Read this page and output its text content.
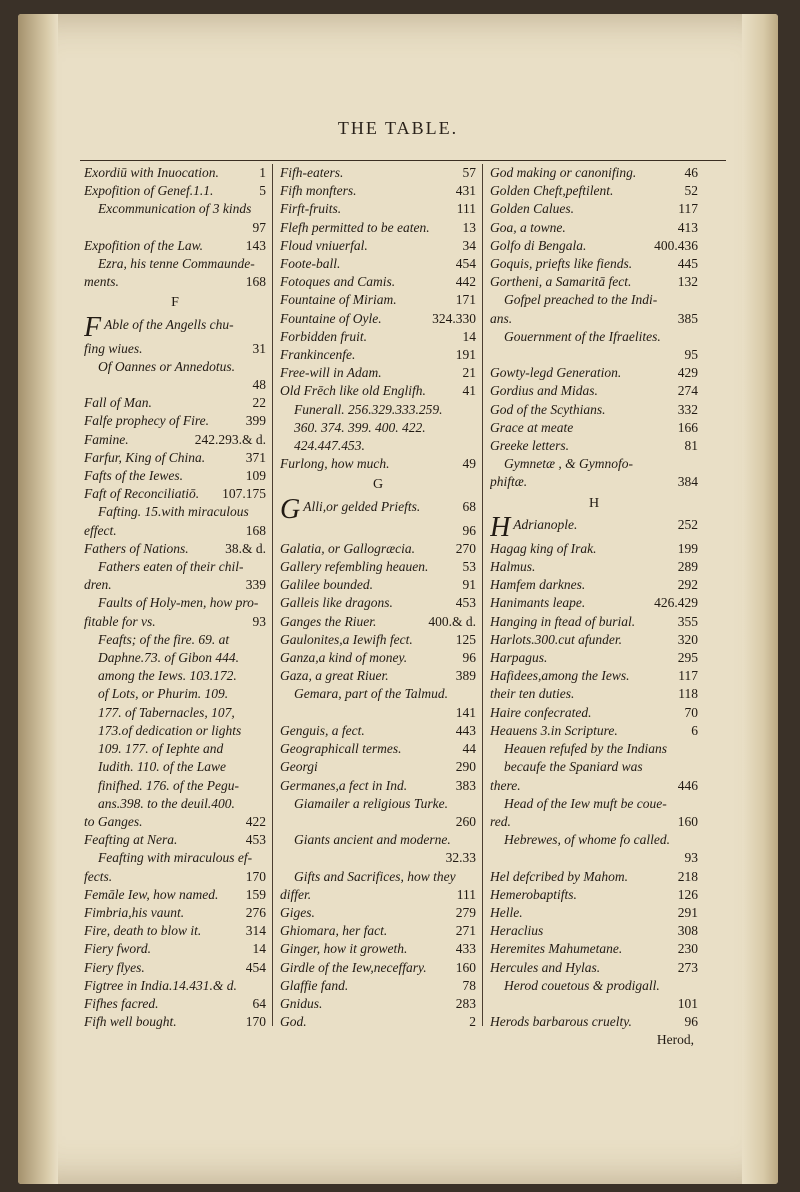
THE TABLE.
Exordiū with Inuocation.	1
Expofition of Genef.1.1.	5
Excommunication of 3 kinds
97
Expofition of the Law.	143
Ezra, his tenne Commaunde-
ments.	168
F
F Able of the Angells chu-
fing wiues.	31
Of Oannes or Annedotus.
48
Fall of Man.	22
Falfe prophecy of Fire.	399
Famine.	242.293.& d.
Farfur, King of China.	371
Fafts of the Iewes.	109
Faft of Reconciliatiō. 107.175
Fafting. 15.with miraculous
effect.	168
Fathers of Nations.	38.& d.
Fathers eaten of their chil-
dren.	339
Faults of Holy-men, how pro-
fitable for vs.	93
Feafts; of the fire. 69. at
Daphne.73. of Gibon 444.
among the Iews. 103.172.
of Lots, or Phurim. 109.
177. of Tabernacles, 107,
173.of dedication or lights
109. 177. of Iephte and
Iudith. 110. of the Lawe
finifhed. 176. of the Pegu-
ans.398. to the deuil.400.
to Ganges.	422
Feafting at Nera.	453
Feafting with miraculous ef-
fects.	170
Femāle Iew, how named. 159
Fimbria,his vaunt.	276
Fire, death to blow it.	314
Fiery fword.	14
Fiery flyes.	454
Figtree in India.14.431.& d.
Fifhes facred.	64
Fifh well bought.	170
Fifh-eaters.	57
Fifh monfters.	431
Firft-fruits.	111
Flefh permitted to be eaten. 13
Floud vniuerfal.	34
Foote-ball.	454
Fotoques and Camis.	442
Fountaine of Miriam.	171
Fountaine of Oyle.	324.330
Forbidden fruit.	14
Frankincenfe.	191
Free-will in Adam.	21
Old Frēch like old Englifh.	41
Funerall. 256.329.333.259.
360. 374. 399. 400. 422.
424.447.453.
Furlong, how much.	49
G
G Alli,or gelded Priefts.	68
96
Galatia, or Gallogræcia.	270
Gallery refembling heauen.	53
Galilee bounded.	91
Galleis like dragons.	453
Ganges the Riuer.	400.& d.
Gaulonites,a Iewifh fect.	125
Ganza,a kind of money.	96
Gaza, a great Riuer.	389
Gemara, part of the Talmud.
141
Genguis, a fect.	443
Geographicall termes.	44
Georgi	290
Germanes,a fect in Ind.	383
Giamailer a religious Turke.
260
Giants ancient and moderne.
32.33
Gifts and Sacrifices, how they
differ.	111
Giges.	279
Ghiomara, her fact.	271
Ginger, how it groweth.	433
Girdle of the Iew,neceffary. 160
Glaffie fand.	78
Gnidus.	283
God.	2
God making or canonifing.	46
Golden Cheft,peftilent.	52
Golden Calues.	117
Goa, a towne.	413
Golfo di Bengala.	400.436
Goquis, priefts like fiends.	445
Gortheni, a Samaritā fect.	132
Gofpel preached to the Indi-
ans.	385
Gouernment of the Ifraelites.
95
Gowty-legd Generation.	429
Gordius and Midas.	274
God of the Scythians.	332
Grace at meate	166
Greeke letters.	81
Gymnetæ , & Gymnofo-
phiftæ.	384
H
H Adrianople.	252
Hagag king of Irak.	199
Halmus.	289
Hamfem darknes.	292
Hanimants leape.	426.429
Hanging in ftead of burial.	355
Harlots.300.cut afunder.	320
Harpagus.	295
Hafidees,among the Iews.	117
their ten duties.	118
Haire confecrated.	70
Heauens 3.in Scripture.	6
Heauen refufed by the Indians
becaufe the Spaniard was
there.	446
Head of the Iew muft be coue-
red.	160
Hebrewes, of whome fo called.
93
Hel defcribed by Mahom.	218
Hemerobaptifts.	126
Helle.	291
Heraclius	308
Heremites Mahumetane.	230
Hercules and Hylas.	273
Herod couetous & prodigall.
101
Herods barbarous cruelty.	96
Herod,
